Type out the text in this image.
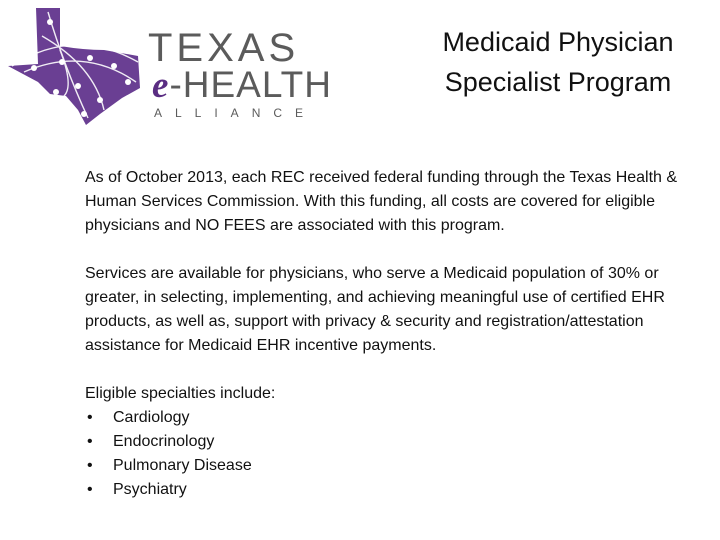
TEXAS
e-HEALTH
ALLIANCE
Medicaid Physician
Specialist Program

As of October 2013, each REC received federal funding through the Texas Health & Human Services Commission. With this funding, all costs are covered for eligible physicians and NO FEES are associated with this program.

Services are available for physicians, who serve a Medicaid population of 30% or greater, in selecting, implementing, and achieving meaningful use of certified EHR products, as well as, support with privacy & security and registration/attestation assistance for Medicaid EHR incentive payments.

Eligible specialties include:
• Cardiology
• Endocrinology
• Pulmonary Disease
• Psychiatry
